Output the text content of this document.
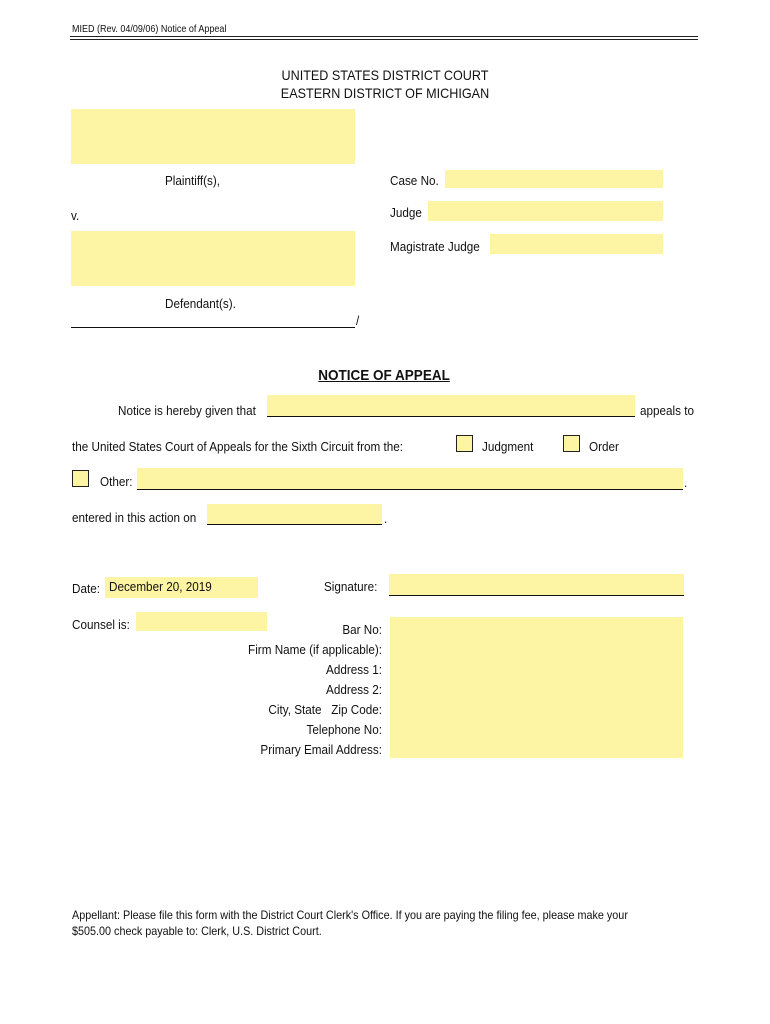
MIED (Rev. 04/09/06) Notice of Appeal
UNITED STATES DISTRICT COURT
EASTERN DISTRICT OF MICHIGAN
Plaintiff(s),
v.
Defendant(s).
/
Case No.
Judge
Magistrate Judge
NOTICE OF APPEAL
Notice is hereby given that	appeals to
the United States Court of Appeals for the Sixth Circuit from the:	Judgment	Order
Other:	.
entered in this action on	.
Date: December 20, 2019	Signature:
Counsel is:	Bar No:
Firm Name (if applicable):
Address 1:
Address 2:
City, State   Zip Code:
Telephone No:
Primary Email Address:
Appellant: Please file this form with the District Court Clerk's Office. If you are paying the filing fee, please make your
$505.00 check payable to: Clerk, U.S. District Court.
